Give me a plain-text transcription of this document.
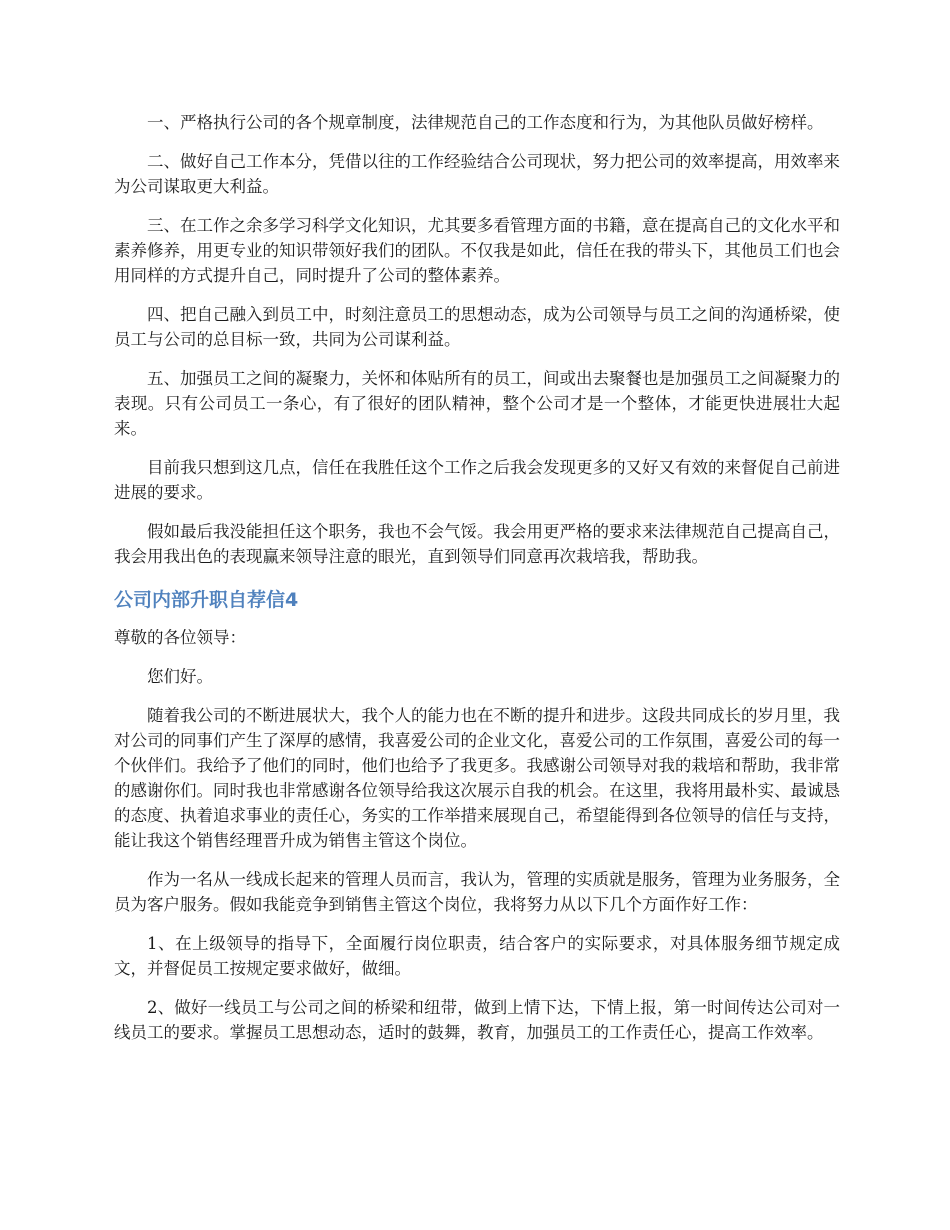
一、严格执行公司的各个规章制度，法律规范自己的工作态度和行为，为其他队员做好榜样。

二、做好自己工作本分，凭借以往的工作经验结合公司现状，努力把公司的效率提高，用效率来为公司谋取更大利益。

三、在工作之余多学习科学文化知识，尤其要多看管理方面的书籍，意在提高自己的文化水平和素养修养，用更专业的知识带领好我们的团队。不仅我是如此，信任在我的带头下，其他员工们也会用同样的方式提升自己，同时提升了公司的整体素养。

四、把自己融入到员工中，时刻注意员工的思想动态，成为公司领导与员工之间的沟通桥梁，使员工与公司的总目标一致，共同为公司谋利益。

五、加强员工之间的凝聚力，关怀和体贴所有的员工，间或出去聚餐也是加强员工之间凝聚力的表现。只有公司员工一条心，有了很好的团队精神，整个公司才是一个整体，才能更快进展壮大起来。

目前我只想到这几点，信任在我胜任这个工作之后我会发现更多的又好又有效的来督促自己前进进展的要求。

假如最后我没能担任这个职务，我也不会气馁。我会用更严格的要求来法律规范自己提高自己，我会用我出色的表现赢来领导注意的眼光，直到领导们同意再次栽培我，帮助我。

公司内部升职自荐信4

尊敬的各位领导：

您们好。

随着我公司的不断进展状大，我个人的能力也在不断的提升和进步。这段共同成长的岁月里，我对公司的同事们产生了深厚的感情，我喜爱公司的企业文化，喜爱公司的工作氛围，喜爱公司的每一个伙伴们。我给予了他们的同时，他们也给予了我更多。我感谢公司领导对我的栽培和帮助，我非常的感谢你们。同时我也非常感谢各位领导给我这次展示自我的机会。在这里，我将用最朴实、最诚恳的态度、执着追求事业的责任心，务实的工作举措来展现自己，希望能得到各位领导的信任与支持，能让我这个销售经理晋升成为销售主管这个岗位。

作为一名从一线成长起来的管理人员而言，我认为，管理的实质就是服务，管理为业务服务，全员为客户服务。假如我能竞争到销售主管这个岗位，我将努力从以下几个方面作好工作：

1、在上级领导的指导下，全面履行岗位职责，结合客户的实际要求，对具体服务细节规定成文，并督促员工按规定要求做好，做细。

2、做好一线员工与公司之间的桥梁和纽带，做到上情下达，下情上报，第一时间传达公司对一线员工的要求。掌握员工思想动态，适时的鼓舞，教育，加强员工的工作责任心，提高工作效率。
